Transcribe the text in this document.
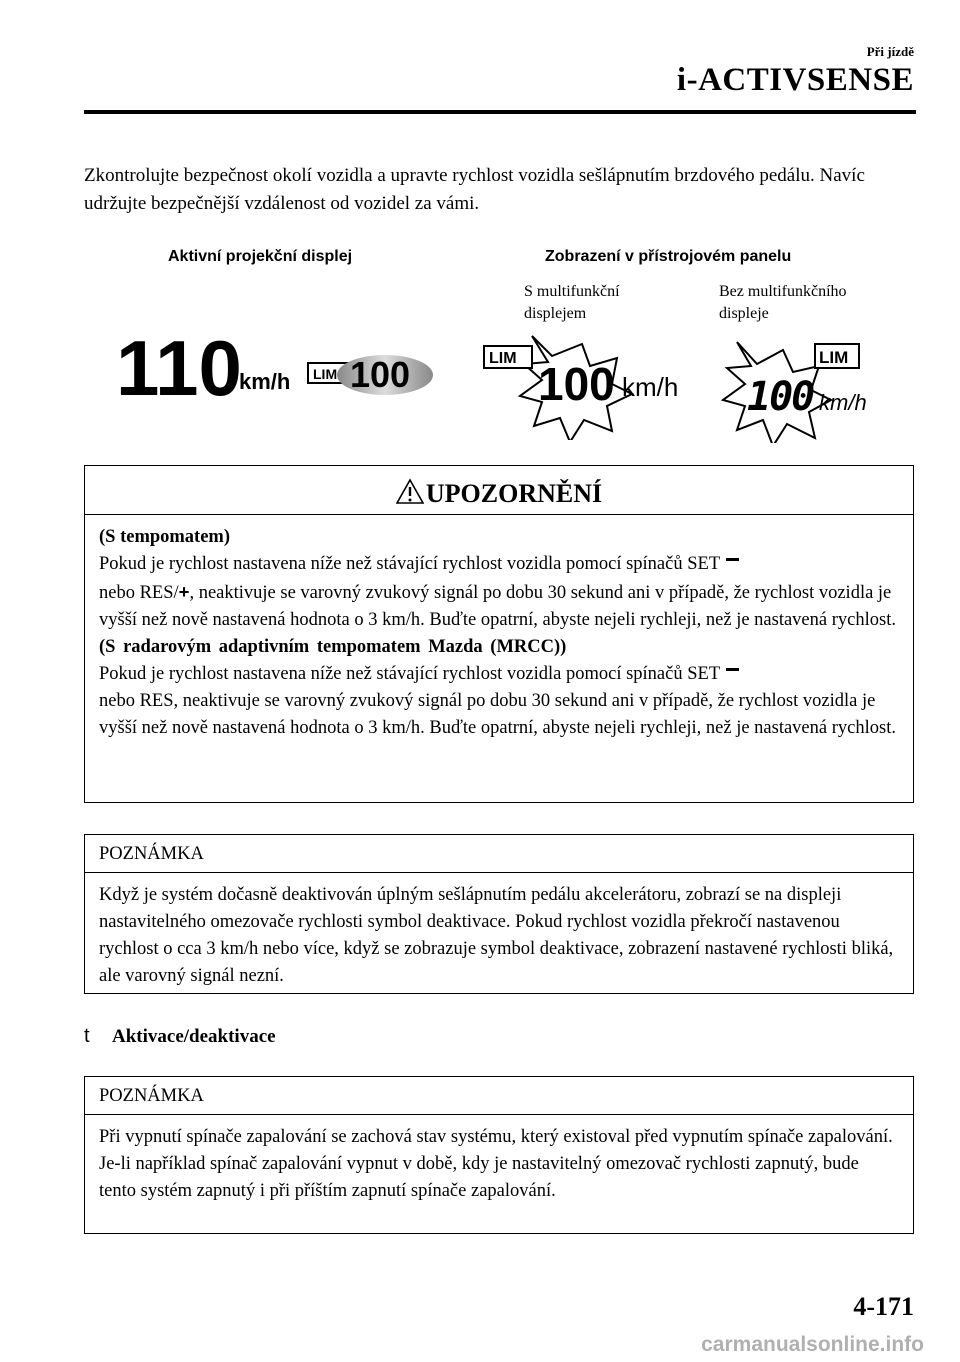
Při jízdě
i-ACTIVSENSE
Zkontrolujte bezpečnost okolí vozidla a upravte rychlost vozidla sešlápnutím brzdového pedálu. Navíc udržujte bezpečnější vzdálenost od vozidel za vámi.
Aktivní projekční displej	Zobrazení v přístrojovém panelu
S multifunkční
displejem
Bez multifunkčního
displeje
110
km/h LIM 100	LIM 100 km/h
LIM
100 km/h
UPOZORNĚNÍ
(S tempomatem)
Pokud je rychlost nastavena níže než stávající rychlost vozidla pomocí spínačů SET
nebo RES/+, neaktivuje se varovný zvukový signál po dobu 30 sekund ani v případě, že rychlost vozidla je vyšší než nově nastavená hodnota o 3 km/h. Buďte opatrní, abyste nejeli rychleji, než je nastavená rychlost.
(S radarovým adaptivním tempomatem Mazda (MRCC))
Pokud je rychlost nastavena níže než stávající rychlost vozidla pomocí spínačů SET
nebo RES, neaktivuje se varovný zvukový signál po dobu 30 sekund ani v případě, že rychlost vozidla je vyšší než nově nastavená hodnota o 3 km/h. Buďte opatrní, abyste nejeli rychleji, než je nastavená rychlost.
POZNÁMKA
Když je systém dočasně deaktivován úplným sešlápnutím pedálu akcelerátoru, zobrazí se na displeji nastavitelného omezovače rychlosti symbol deaktivace. Pokud rychlost vozidla překročí nastavenou rychlost o cca 3 km/h nebo více, když se zobrazuje symbol deaktivace, zobrazení nastavené rychlosti bliká, ale varovný signál nezní.
t Aktivace/deaktivace
POZNÁMKA
Při vypnutí spínače zapalování se zachová stav systému, který existoval před vypnutím spínače zapalování.
Je-li například spínač zapalování vypnut v době, kdy je nastavitelný omezovač rychlosti zapnutý, bude tento systém zapnutý i při příštím zapnutí spínače zapalování.
4-171
carmanualsonline.info
